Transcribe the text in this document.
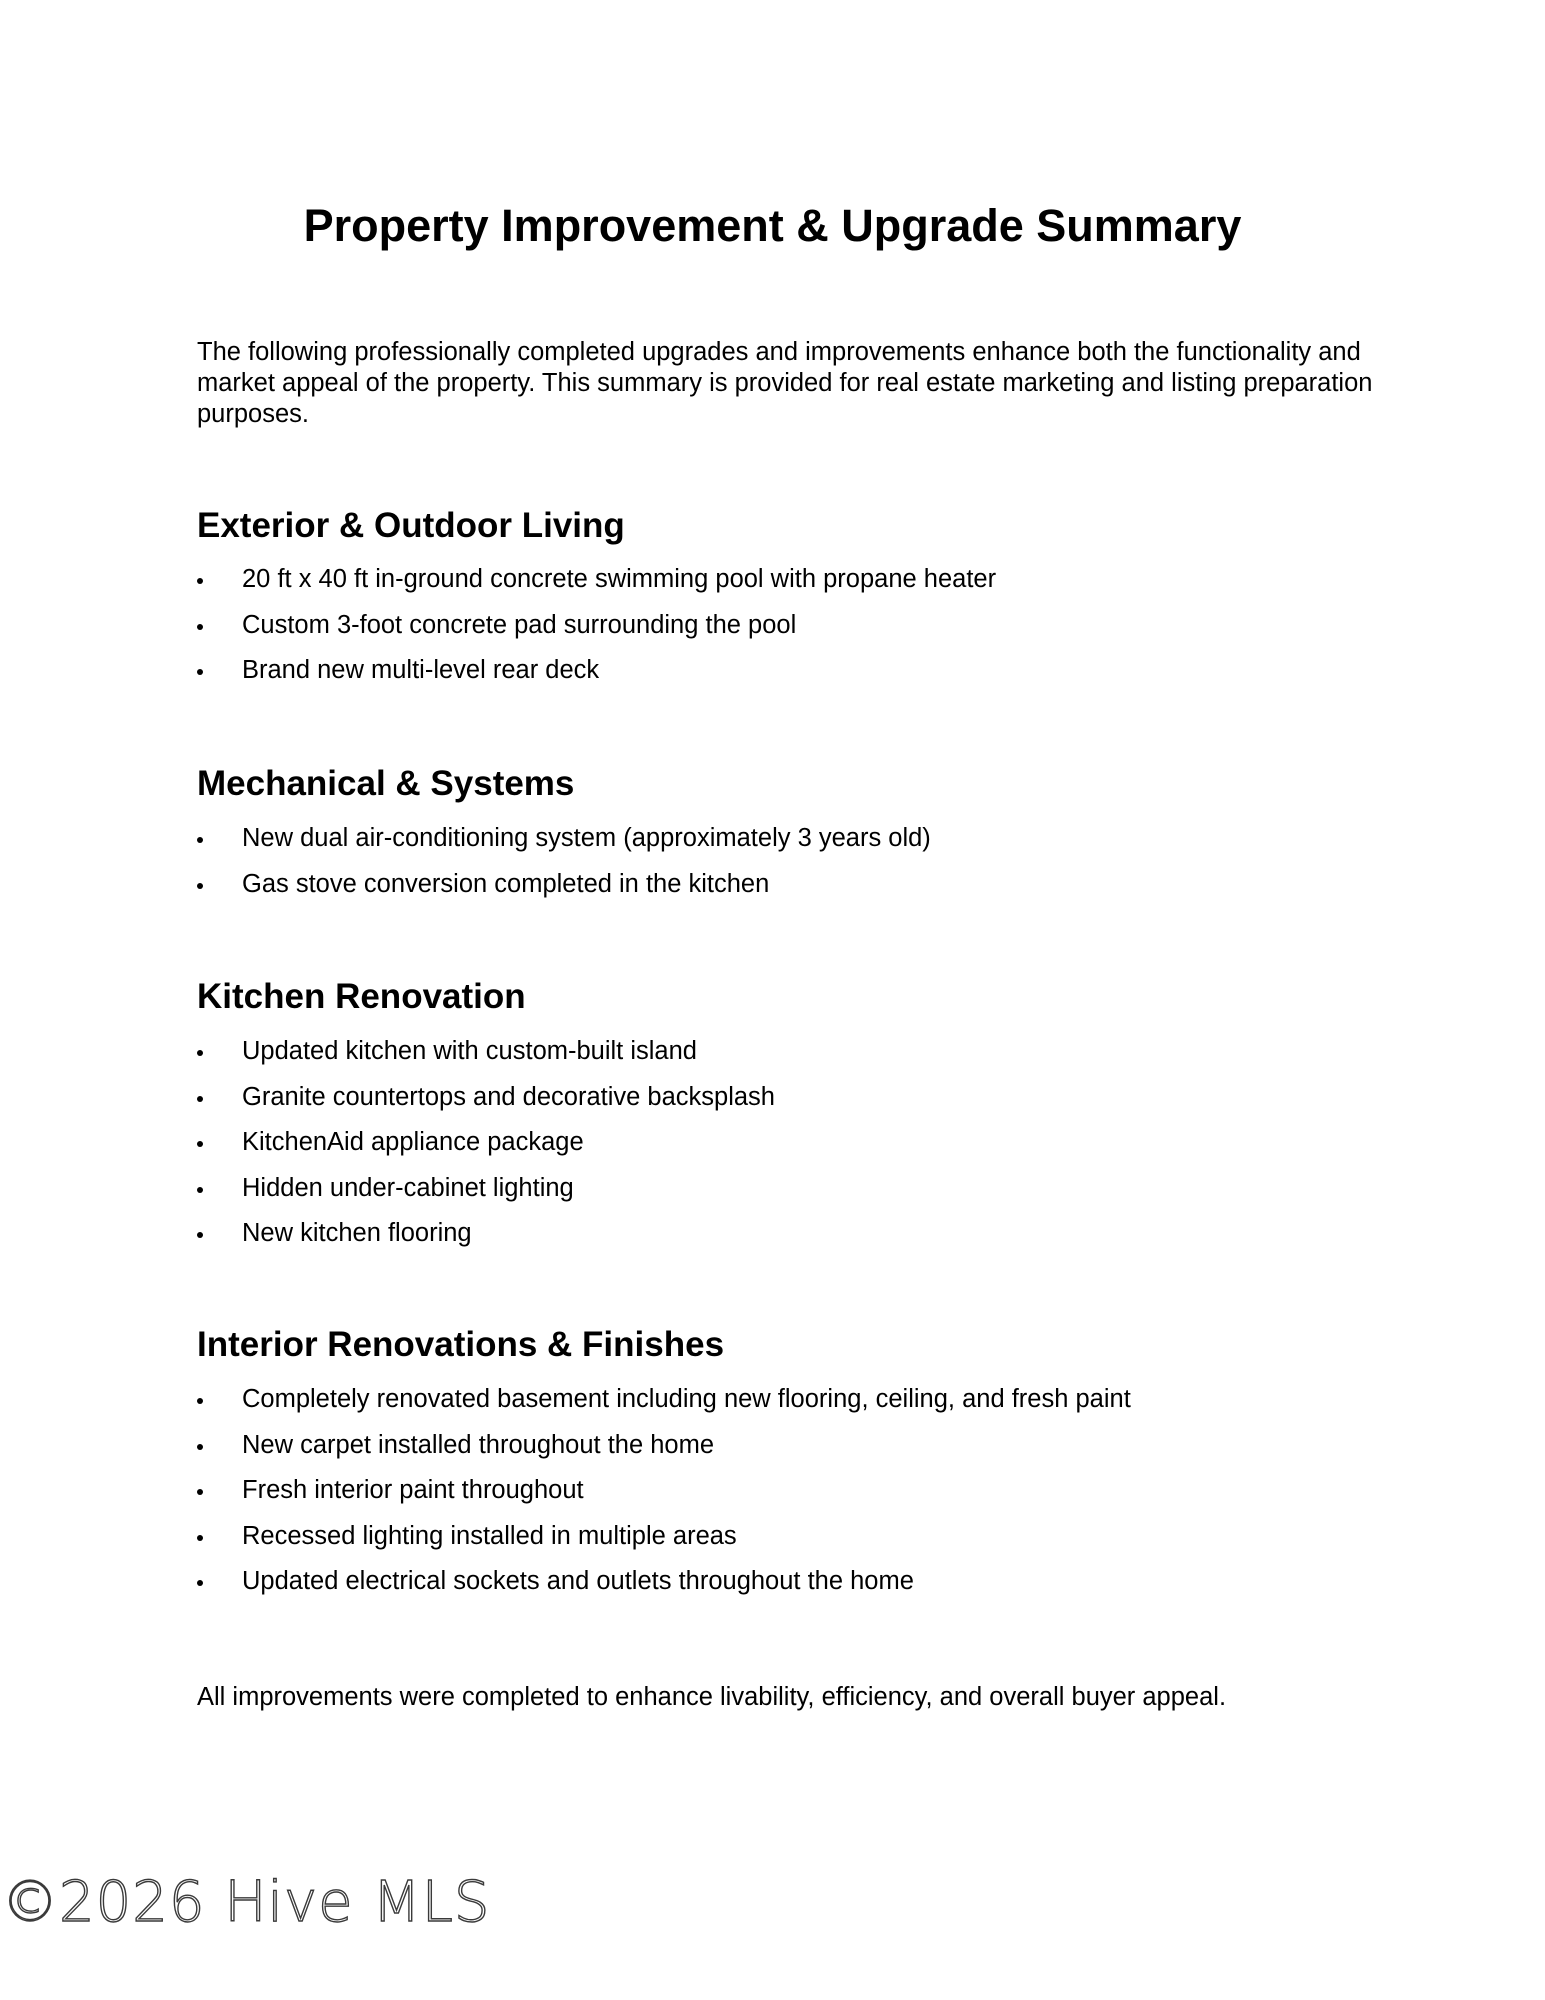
Property Improvement & Upgrade Summary

The following professionally completed upgrades and improvements enhance both the functionality and market appeal of the property. This summary is provided for real estate marketing and listing preparation purposes.

Exterior & Outdoor Living
20 ft x 40 ft in-ground concrete swimming pool with propane heater
Custom 3-foot concrete pad surrounding the pool
Brand new multi-level rear deck
Mechanical & Systems
New dual air-conditioning system (approximately 3 years old)
Gas stove conversion completed in the kitchen
Kitchen Renovation
Updated kitchen with custom-built island
Granite countertops and decorative backsplash
KitchenAid appliance package
Hidden under-cabinet lighting
New kitchen flooring
Interior Renovations & Finishes
Completely renovated basement including new flooring, ceiling, and fresh paint
New carpet installed throughout the home
Fresh interior paint throughout
Recessed lighting installed in multiple areas
Updated electrical sockets and outlets throughout the home

All improvements were completed to enhance livability, efficiency, and overall buyer appeal.

©2026 Hive MLS
